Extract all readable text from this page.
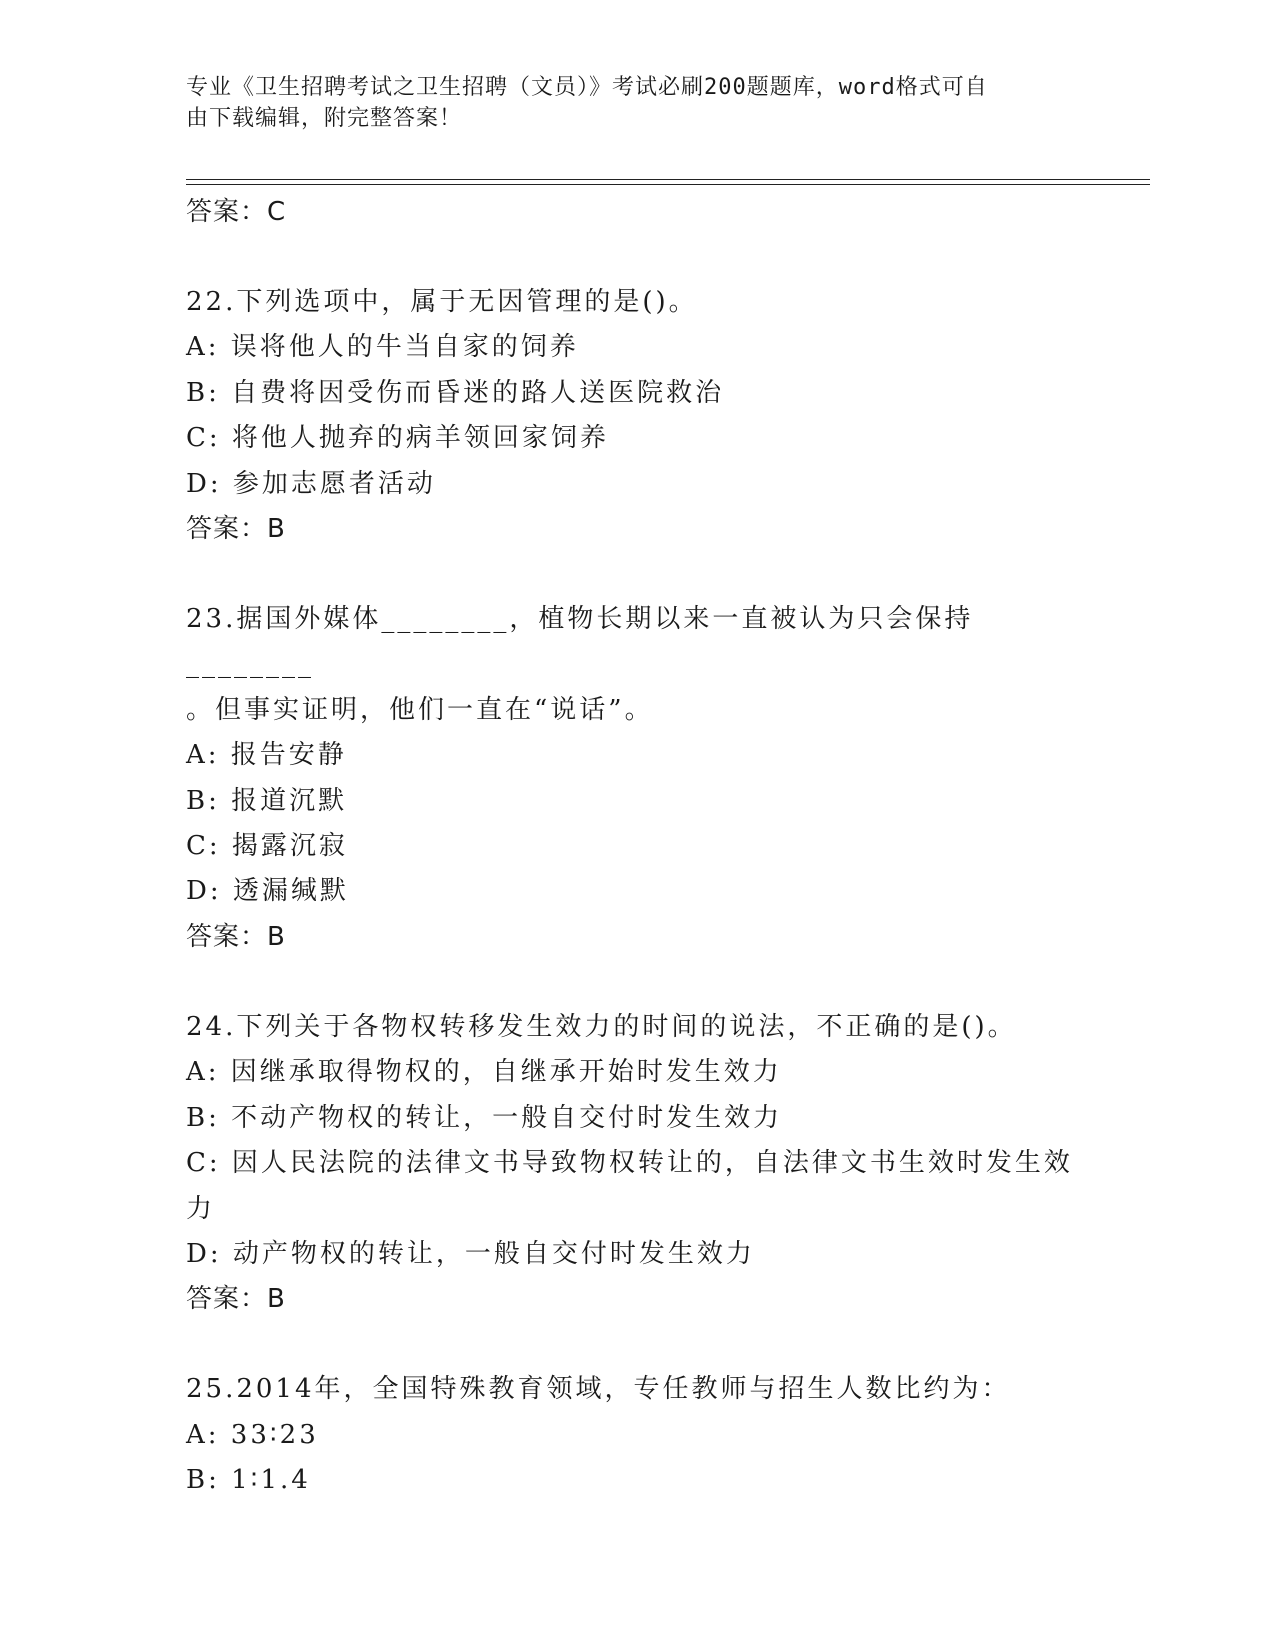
专业《卫生招聘考试之卫生招聘（文员）》考试必刷200题题库，word格式可自
由下载编辑，附完整答案！
答案：C
22.下列选项中，属于无因管理的是()。
A: 误将他人的牛当自家的饲养
B: 自费将因受伤而昏迷的路人送医院救治
C: 将他人抛弃的病羊领回家饲养
D: 参加志愿者活动
答案：B
23.据国外媒体________，植物长期以来一直被认为只会保持________
。但事实证明，他们一直在“说话”。
A: 报告安静
B: 报道沉默
C: 揭露沉寂
D: 透漏缄默
答案：B
24.下列关于各物权转移发生效力的时间的说法，不正确的是()。
A: 因继承取得物权的，自继承开始时发生效力
B: 不动产物权的转让，一般自交付时发生效力
C: 因人民法院的法律文书导致物权转让的，自法律文书生效时发生效
力
D: 动产物权的转让，一般自交付时发生效力
答案：B
25.2014年，全国特殊教育领域，专任教师与招生人数比约为：
A: 33∶23
B: 1∶1.4
